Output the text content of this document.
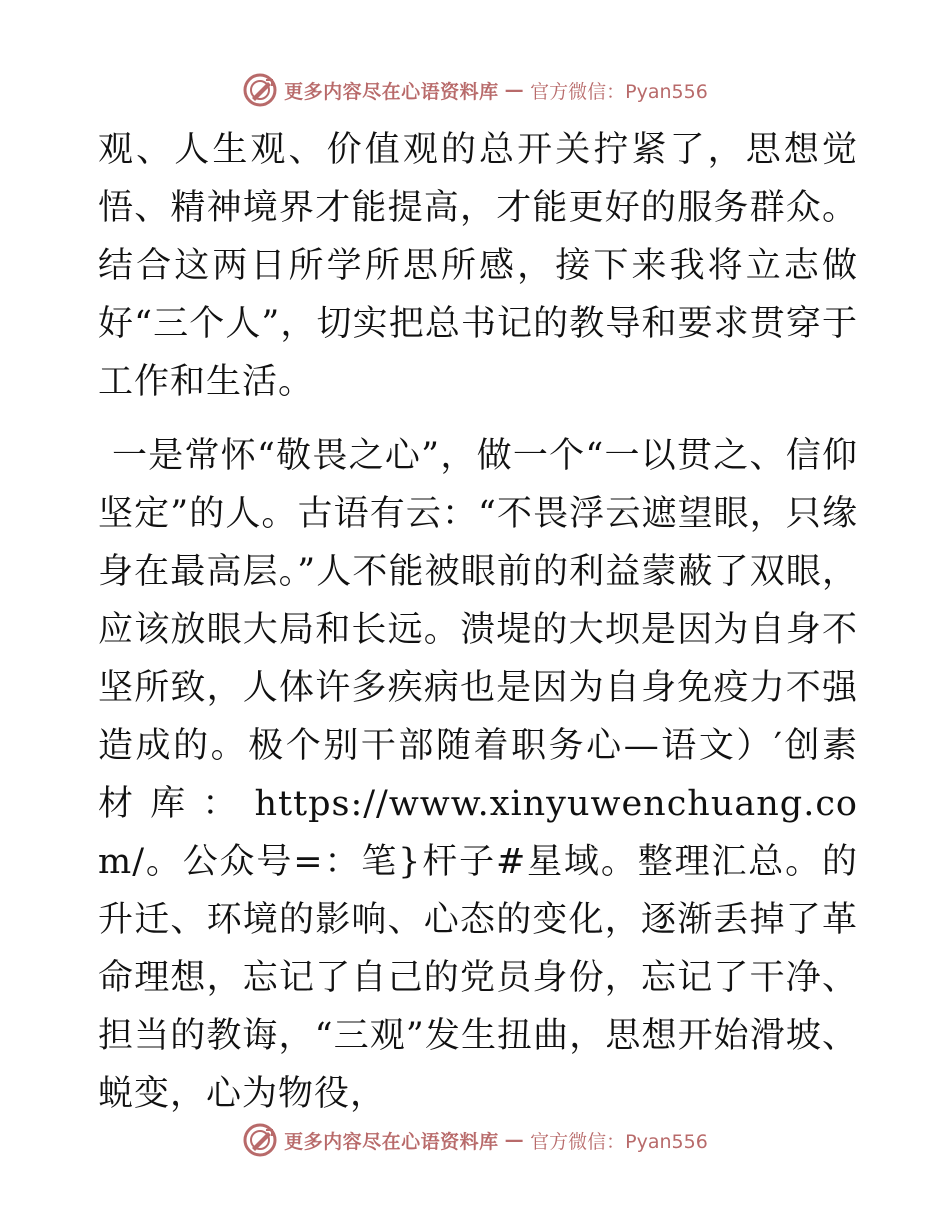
更多内容尽在心语资料库 — 官方微信：Pyan556

观、人生观、价值观的总开关拧紧了，思想觉悟、精神境界才能提高，才能更好的服务群众。结合这两日所学所思所感，接下来我将立志做好“三个人”，切实把总书记的教导和要求贯穿于工作和生活。

一是常怀“敬畏之心”，做一个“一以贯之、信仰坚定”的人。古语有云：“不畏浮云遮望眼，只缘身在最高层。”人不能被眼前的利益蒙蔽了双眼，应该放眼大局和长远。溃堤的大坝是因为自身不坚所致，人体许多疾病也是因为自身免疫力不强造成的。极个别干部随着职务心—语文）′创素材库：https://www.xinyuwenchuang.com/。公众号=：笔}杆子#星域。整理汇总。的升迁、环境的影响、心态的变化，逐渐丢掉了革命理想，忘记了自己的党员身份，忘记了干净、担当的教诲，“三观”发生扭曲，思想开始滑坡、蜕变，心为物役，

更多内容尽在心语资料库 — 官方微信：Pyan556
